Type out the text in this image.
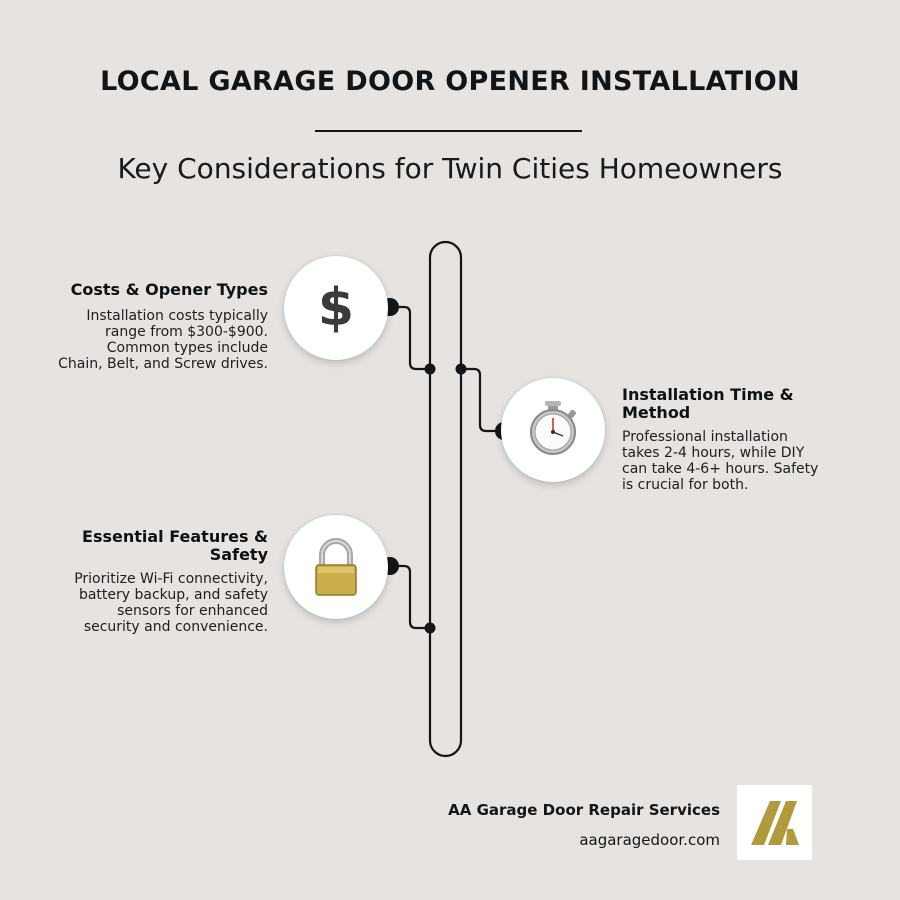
LOCAL GARAGE DOOR OPENER INSTALLATION
Key Considerations for Twin Cities Homeowners
$
Costs & Opener Types
Installation costs typically
range from $300-$900.
Common types include
Chain, Belt, and Screw drives.
Installation Time &
Method
Professional installation
takes 2-4 hours, while DIY
can take 4-6+ hours. Safety
is crucial for both.
Essential Features &
Safety
Prioritize Wi-Fi connectivity,
battery backup, and safety
sensors for enhanced
security and convenience.
AA Garage Door Repair Services
aagaragedoor.com
